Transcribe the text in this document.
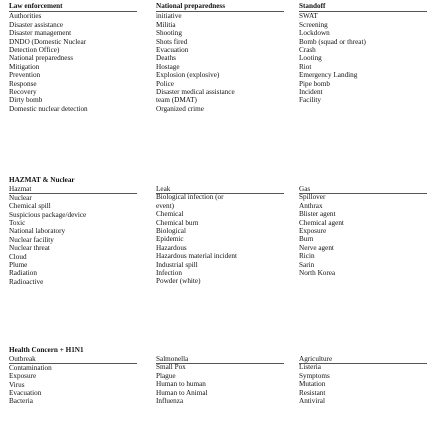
Law enforcement
Authorities
Disaster assistance
Disaster management
DNDO (Domestic Nuclear
Detection Office)
National preparedness
Mitigation
Prevention
Response
Recovery
Dirty bomb
Domestic nuclear detection
National preparedness
initiative
Militia
Shooting
Shots fired
Evacuation
Deaths
Hostage
Explosion (explosive)
Police
Disaster medical assistance
team (DMAT)
Organized crime
Standoff
SWAT
Screening
Lockdown
Bomb (squad or threat)
Crash
Looting
Riot
Emergency Landing
Pipe bomb
Incident
Facility
HAZMAT & Nuclear
Hazmat
Nuclear
Chemical spill
Suspicious package/device
Toxic
National laboratory
Nuclear facility
Nuclear threat
Cloud
Plume
Radiation
Radioactive
Leak
Biological infection (or
event)
Chemical
Chemical burn
Biological
Epidemic
Hazardous
Hazardous material incident
Industrial spill
Infection
Powder (white)
Gas
Spillover
Anthrax
Blister agent
Chemical agent
Exposure
Burn
Nerve agent
Ricin
Sarin
North Korea
Health Concern + H1N1
Outbreak
Contamination
Exposure
Virus
Evacuation
Bacteria
Salmonella
Small Pox
Plague
Human to human
Human to Animal
Influenza
Agriculture
Listeria
Symptoms
Mutation
Resistant
Antiviral
